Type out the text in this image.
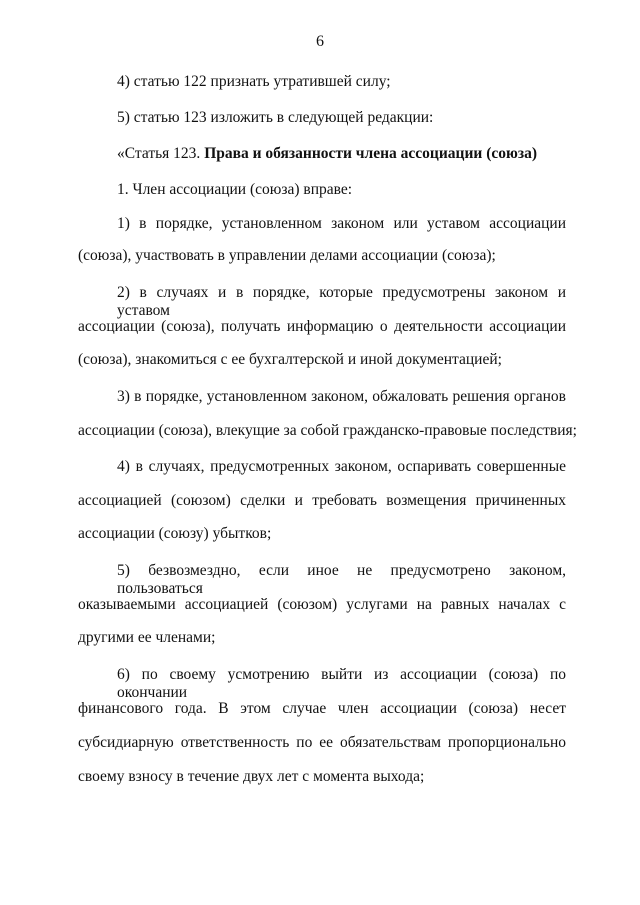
6
4) статью 122 признать утратившей силу;
5) статью 123 изложить в следующей редакции:
«Статья 123. Права и обязанности члена ассоциации (союза)
1. Член ассоциации (союза) вправе:
1) в порядке, установленном законом или уставом ассоциации
(союза), участвовать в управлении делами ассоциации (союза);
2) в случаях и в порядке, которые предусмотрены законом и уставом
ассоциации (союза), получать информацию о деятельности ассоциации
(союза), знакомиться с ее бухгалтерской и иной документацией;
3) в порядке, установленном законом, обжаловать решения органов
ассоциации (союза), влекущие за собой гражданско-правовые последствия;
4) в случаях, предусмотренных законом, оспаривать совершенные
ассоциацией (союзом) сделки и требовать возмещения причиненных
ассоциации (союзу) убытков;
5) безвозмездно, если иное не предусмотрено законом, пользоваться
оказываемыми ассоциацией (союзом) услугами на равных началах с
другими ее членами;
6) по своему усмотрению выйти из ассоциации (союза) по окончании
финансового года. В этом случае член ассоциации (союза) несет
субсидиарную ответственность по ее обязательствам пропорционально
своему взносу в течение двух лет с момента выхода;
